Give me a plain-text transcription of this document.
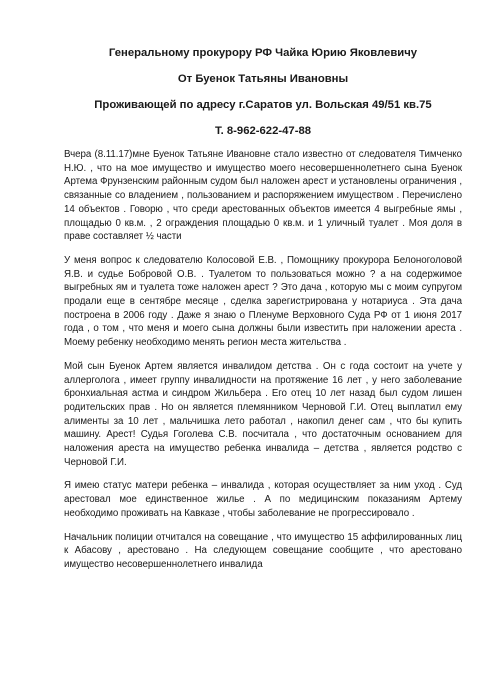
Генеральному прокурору РФ Чайка Юрию Яковлевичу

От Буенок Татьяны Ивановны

Проживающей по адресу г.Саратов ул. Вольская 49/51 кв.75

Т. 8-962-622-47-88

Вчера (8.11.17)мне Буенок Татьяне Ивановне стало известно от следователя Тимченко Н.Ю. , что на мое имущество и имущество моего несовершеннолетнего сына Буенок Артема Фрунзенским районным судом был наложен арест и установлены ограничения , связанные со владением , пользованием и распоряжением имуществом . Перечислено 14 объектов . Говорю , что среди арестованных объектов имеется 4 выгребные ямы , площадью 0 кв.м. , 2 ограждения площадью 0 кв.м. и 1 уличный туалет . Моя доля в праве составляет ½ части

У меня вопрос к следователю Колосовой Е.В. , Помощнику прокурора Белоноголовой Я.В. и судье Бобровой О.В. . Туалетом то пользоваться можно ? а на содержимое выгребных ям и туалета тоже наложен арест ? Это дача , которую мы с моим супругом продали еще в сентябре месяце , сделка зарегистрирована у нотариуса . Эта дача построена в 2006 году . Даже я знаю о Пленуме Верховного Суда РФ от 1 июня 2017 года , о том , что меня и моего сына должны были известить при наложении ареста . Моему ребенку необходимо менять регион места жительства .

Мой сын Буенок Артем является инвалидом детства . Он с года состоит на учете у аллерголога , имеет группу инвалидности на протяжение 16 лет , у него заболевание бронхиальная астма и синдром Жильбера . Его отец 10 лет назад был судом лишен родительских прав . Но он является племянником Черновой Г.И. Отец выплатил ему алименты за 10 лет , мальчишка лето работал , накопил денег сам , что бы купить машину. Арест! Судья Гоголева С.В. посчитала , что достаточным основанием для наложения ареста на имущество ребенка инвалида – детства , является родство с Черновой Г.И.

Я имею статус матери ребенка – инвалида , которая осуществляет за ним уход . Суд арестовал мое единственное жилье . А по медицинским показаниям Артему необходимо проживать на Кавказе , чтобы заболевание не прогрессировало .

Начальник полиции отчитался на совещание , что имущество 15 аффилированных лиц к Абасову , арестовано . На следующем совещание сообщите , что арестовано имущество несовершеннолетнего инвалида
